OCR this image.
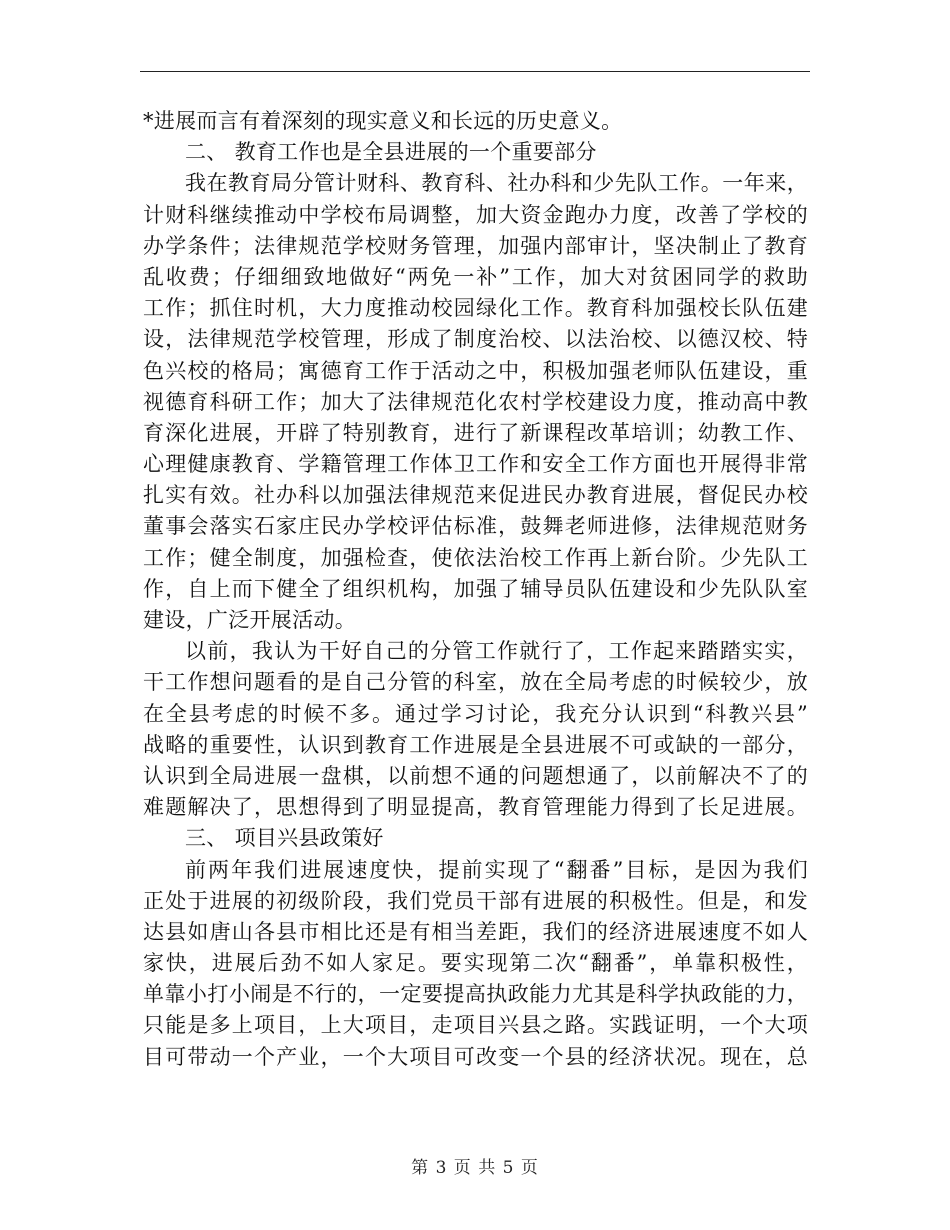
*进展而言有着深刻的现实意义和长远的历史意义。
二、 教育工作也是全县进展的一个重要部分
我在教育局分管计财科、教育科、社办科和少先队工作。一年来，
计财科继续推动中学校布局调整，加大资金跑办力度，改善了学校的
办学条件；法律规范学校财务管理，加强内部审计，坚决制止了教育
乱收费；仔细细致地做好“两免一补”工作，加大对贫困同学的救助
工作；抓住时机，大力度推动校园绿化工作。教育科加强校长队伍建
设，法律规范学校管理，形成了制度治校、以法治校、以德汉校、特
色兴校的格局；寓德育工作于活动之中，积极加强老师队伍建设，重
视德育科研工作；加大了法律规范化农村学校建设力度，推动高中教
育深化进展，开辟了特别教育，进行了新课程改革培训；幼教工作、
心理健康教育、学籍管理工作体卫工作和安全工作方面也开展得非常
扎实有效。社办科以加强法律规范来促进民办教育进展，督促民办校
董事会落实石家庄民办学校评估标准，鼓舞老师进修，法律规范财务
工作；健全制度，加强检查，使依法治校工作再上新台阶。少先队工
作，自上而下健全了组织机构，加强了辅导员队伍建设和少先队队室
建设，广泛开展活动。
以前，我认为干好自己的分管工作就行了，工作起来踏踏实实，
干工作想问题看的是自己分管的科室，放在全局考虑的时候较少，放
在全县考虑的时候不多。通过学习讨论，我充分认识到“科教兴县”
战略的重要性，认识到教育工作进展是全县进展不可或缺的一部分，
认识到全局进展一盘棋，以前想不通的问题想通了，以前解决不了的
难题解决了，思想得到了明显提高，教育管理能力得到了长足进展。
三、 项目兴县政策好
前两年我们进展速度快，提前实现了“翻番”目标，是因为我们
正处于进展的初级阶段，我们党员干部有进展的积极性。但是，和发
达县如唐山各县市相比还是有相当差距，我们的经济进展速度不如人
家快，进展后劲不如人家足。要实现第二次“翻番”，单靠积极性，
单靠小打小闹是不行的，一定要提高执政能力尤其是科学执政能的力，
只能是多上项目，上大项目，走项目兴县之路。实践证明，一个大项
目可带动一个产业，一个大项目可改变一个县的经济状况。现在，总
第 3 页 共 5 页
